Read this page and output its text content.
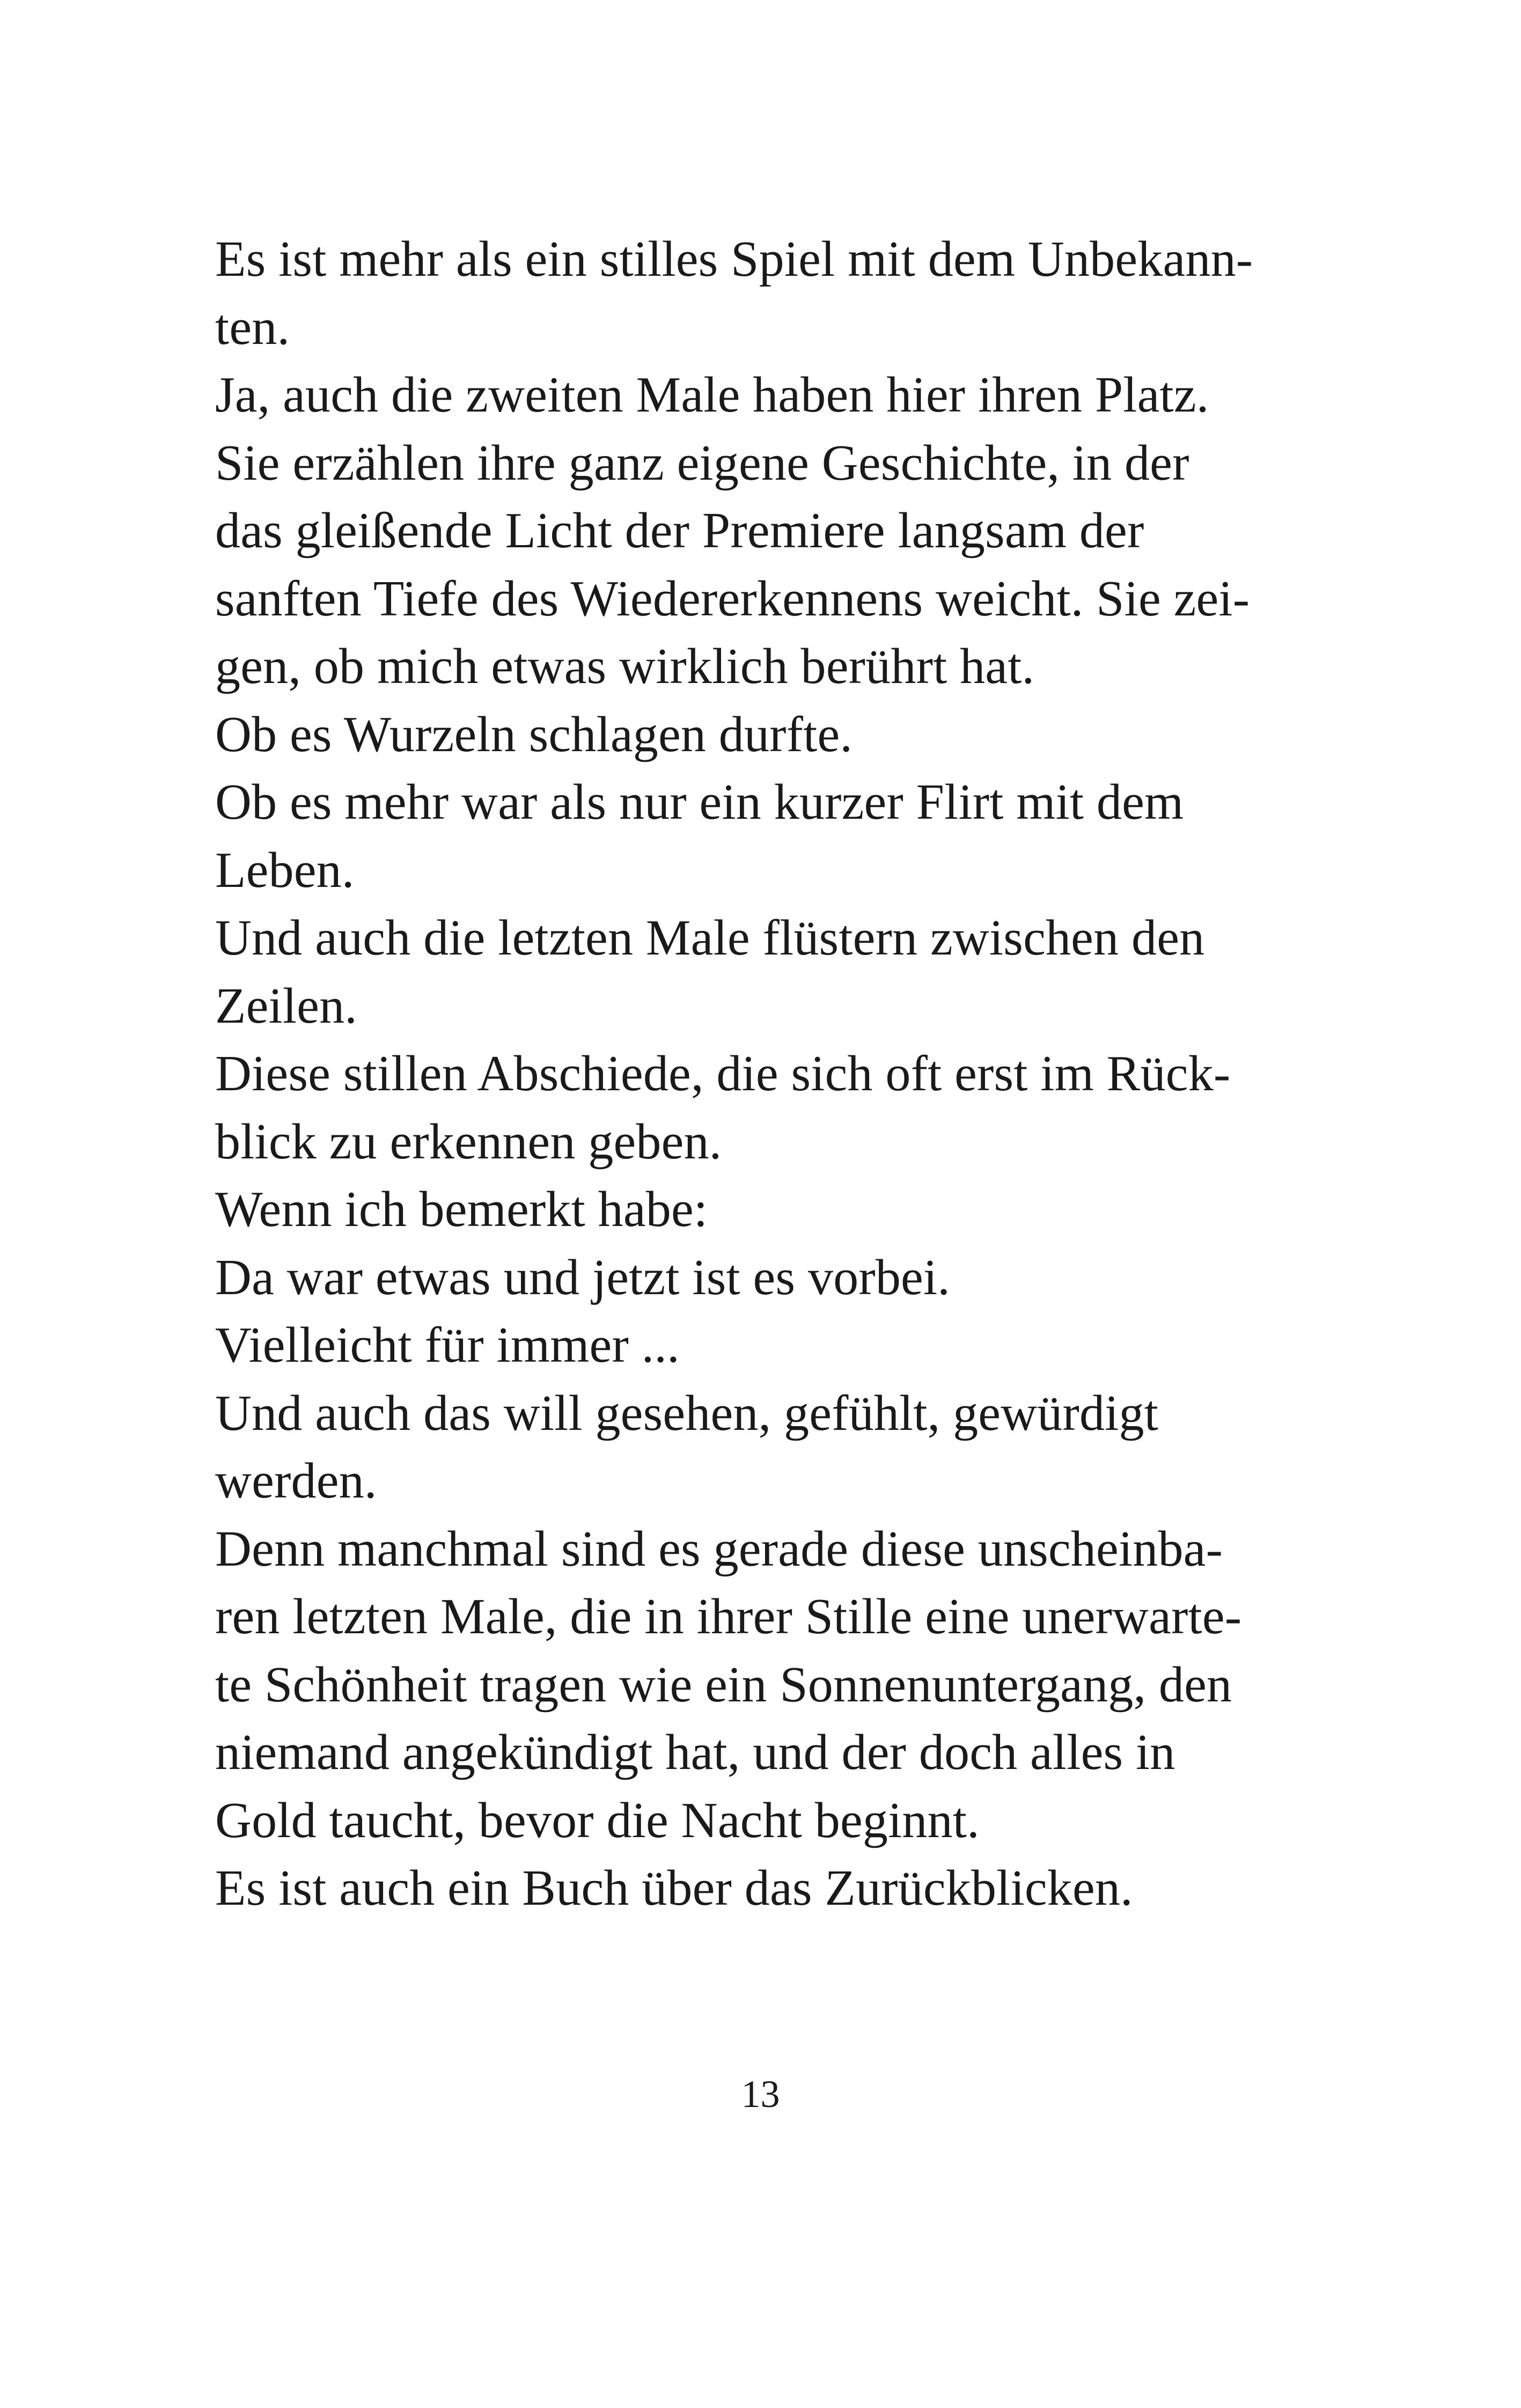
Es ist mehr als ein stilles Spiel mit dem Unbekann-
ten.
Ja, auch die zweiten Male haben hier ihren Platz.
Sie erzählen ihre ganz eigene Geschichte, in der
das gleißende Licht der Premiere langsam der
sanften Tiefe des Wiedererkennens weicht. Sie zei-
gen, ob mich etwas wirklich berührt hat.
Ob es Wurzeln schlagen durfte.
Ob es mehr war als nur ein kurzer Flirt mit dem
Leben.
Und auch die letzten Male flüstern zwischen den
Zeilen.
Diese stillen Abschiede, die sich oft erst im Rück-
blick zu erkennen geben.
Wenn ich bemerkt habe:
Da war etwas und jetzt ist es vorbei.
Vielleicht für immer ...
Und auch das will gesehen, gefühlt, gewürdigt
werden.
Denn manchmal sind es gerade diese unscheinba-
ren letzten Male, die in ihrer Stille eine unerwarte-
te Schönheit tragen wie ein Sonnenuntergang, den
niemand angekündigt hat, und der doch alles in
Gold taucht, bevor die Nacht beginnt.
Es ist auch ein Buch über das Zurückblicken.
13
